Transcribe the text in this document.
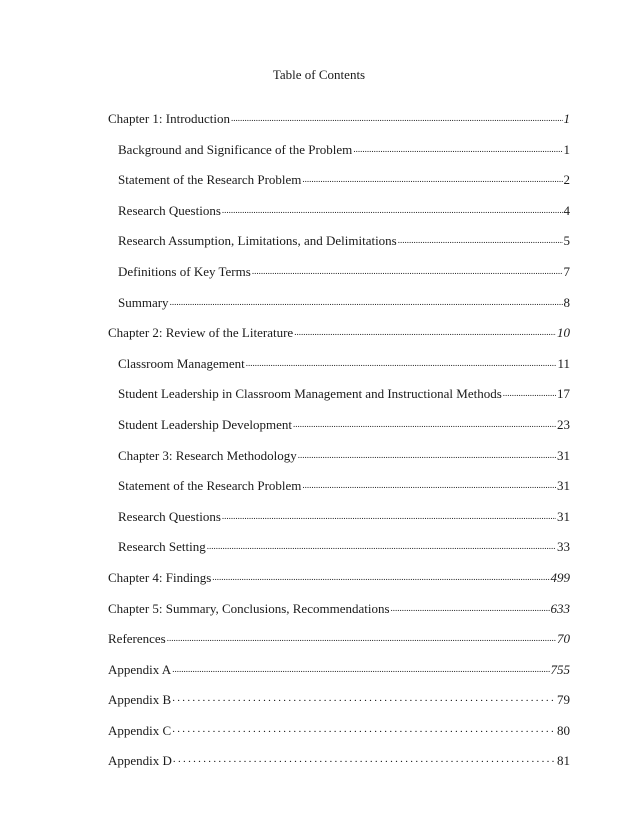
Table of Contents
Chapter 1: Introduction .....	1
Background and Significance of the Problem .....	1
Statement of the Research Problem .....	2
Research Questions .....	4
Research Assumption, Limitations, and Delimitations .....	5
Definitions of Key Terms .....	7
Summary .....	8
Chapter 2: Review of the Literature .....	10
Classroom Management .....	11
Student Leadership in Classroom Management and Instructional Methods .....	17
Student Leadership Development .....	23
Chapter 3: Research Methodology .....	31
Statement of the Research Problem .....	31
Research Questions .....	31
Research Setting .....	33
Chapter 4: Findings .....	499
Chapter 5: Summary, Conclusions, Recommendations .....	633
References .....	70
Appendix A .....	755
Appendix B .....	79
Appendix C .....	80
Appendix D .....	81
